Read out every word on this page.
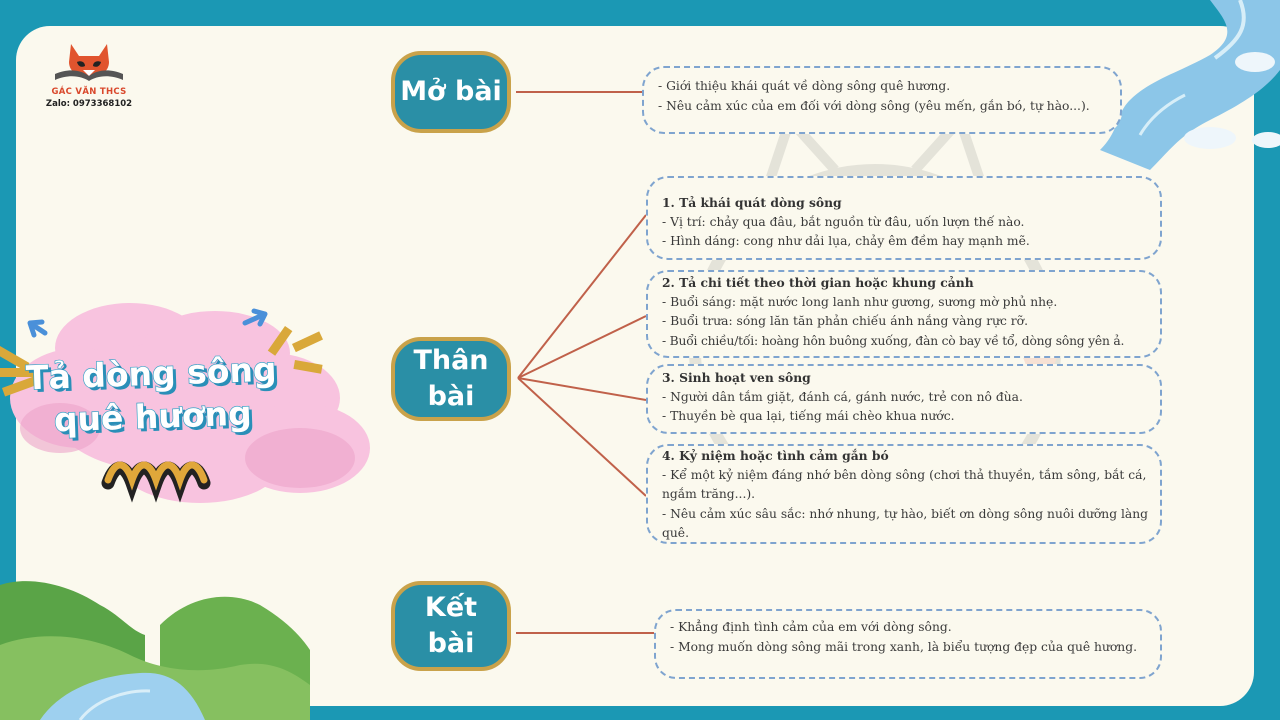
GÁC VĂN THCS
Zalo: 0973368102
Tả dòng sông
quê hương
Mở bài
Thân
bài
Kết
bài
- Giới thiệu khái quát về dòng sông quê hương.
- Nêu cảm xúc của em đối với dòng sông (yêu mến, gắn bó, tự hào...).
1. Tả khái quát dòng sông
- Vị trí: chảy qua đâu, bắt nguồn từ đâu, uốn lượn thế nào.
- Hình dáng: cong như dải lụa, chảy êm đềm hay mạnh mẽ.
2. Tả chi tiết theo thời gian hoặc khung cảnh
- Buổi sáng: mặt nước long lanh như gương, sương mờ phủ nhẹ.
- Buổi trưa: sóng lăn tăn phản chiếu ánh nắng vàng rực rỡ.
- Buổi chiều/tối: hoàng hôn buông xuống, đàn cò bay về tổ, dòng sông yên ả.
3. Sinh hoạt ven sông
- Người dân tắm giặt, đánh cá, gánh nước, trẻ con nô đùa.
- Thuyền bè qua lại, tiếng mái chèo khua nước.
4. Kỷ niệm hoặc tình cảm gắn bó
- Kể một kỷ niệm đáng nhớ bên dòng sông (chơi thả thuyền, tắm sông, bắt cá, ngắm trăng...).
- Nêu cảm xúc sâu sắc: nhớ nhung, tự hào, biết ơn dòng sông nuôi dưỡng làng quê.
- Khẳng định tình cảm của em với dòng sông.
- Mong muốn dòng sông mãi trong xanh, là biểu tượng đẹp của quê hương.
